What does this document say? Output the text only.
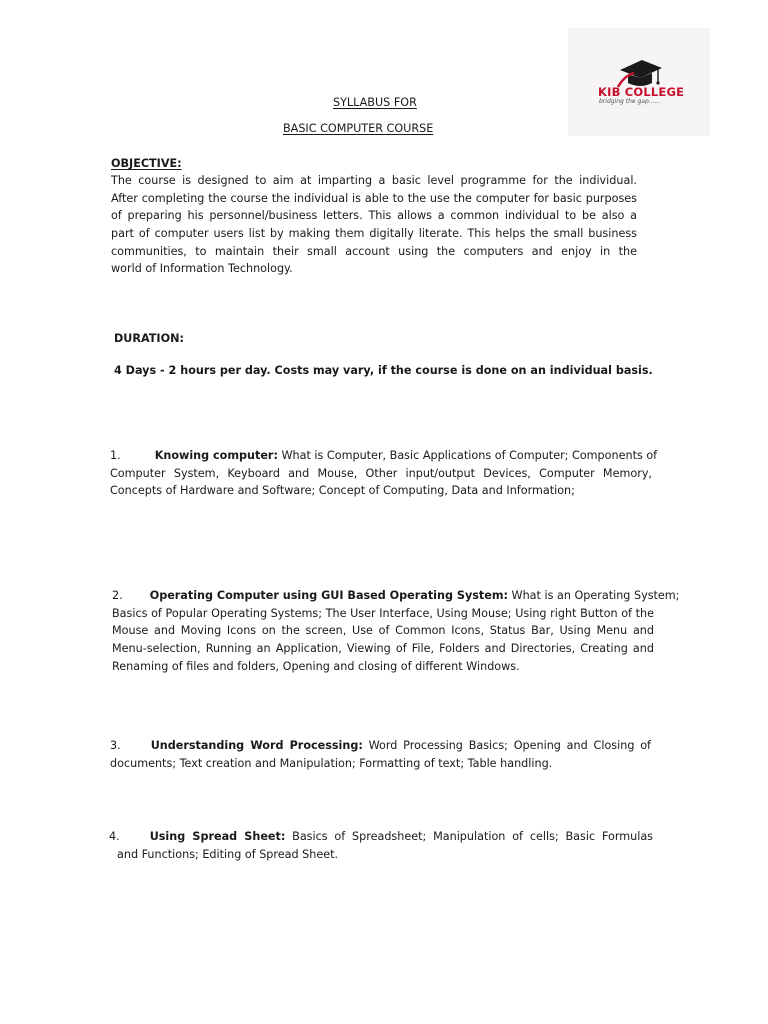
KIB COLLEGE
bridging the gap......
SYLLABUS FOR
BASIC COMPUTER COURSE
OBJECTIVE:
The course is designed to aim at imparting a basic level programme for the individual.
After completing the course the individual is able to the use the computer for basic purposes
of preparing his personnel/business letters. This allows a common individual to be also a
part of computer users list by making them digitally literate. This helps the small business
communities, to maintain their small account using the computers and enjoy in the
world of Information Technology.
DURATION:
4 Days - 2 hours per day. Costs may vary, if the course is done on an individual basis.
1.	Knowing computer: What is Computer, Basic Applications of Computer; Components of
Computer System, Keyboard and Mouse, Other input/output Devices, Computer Memory,
Concepts of Hardware and Software; Concept of Computing, Data and Information;
2. Operating Computer using GUI Based Operating System: What is an Operating System;
Basics of Popular Operating Systems; The User Interface, Using Mouse; Using right Button of the
Mouse and Moving Icons on the screen, Use of Common Icons, Status Bar, Using Menu and
Menu-selection, Running an Application, Viewing of File, Folders and Directories, Creating and
Renaming of files and folders, Opening and closing of different Windows.
3.	Understanding Word Processing: Word Processing Basics; Opening and Closing of
documents; Text creation and Manipulation; Formatting of text; Table handling.
4.	Using Spread Sheet: Basics of Spreadsheet; Manipulation of cells; Basic Formulas
and Functions; Editing of Spread Sheet.
